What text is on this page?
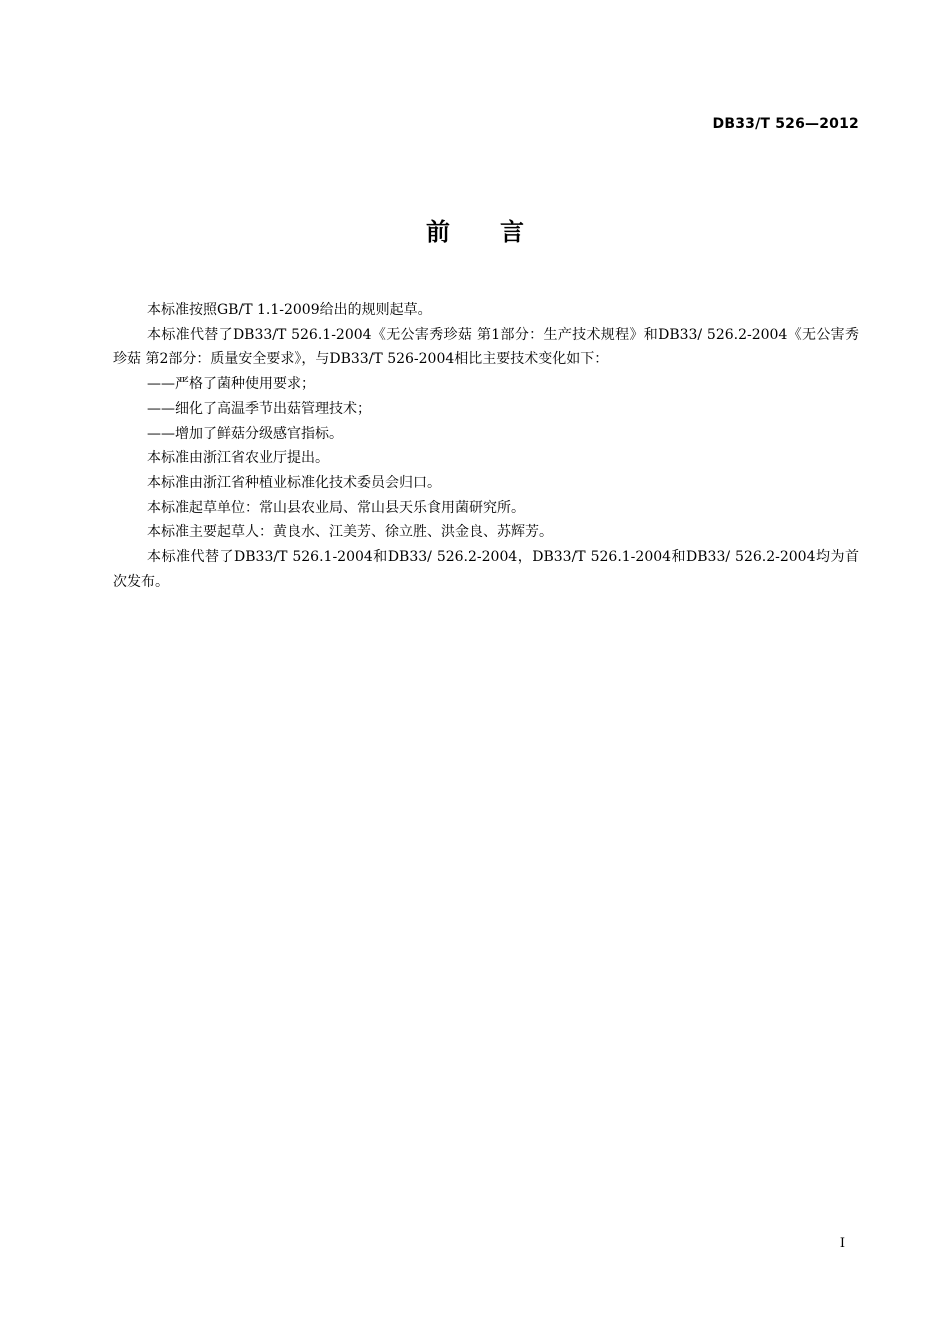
DB33/T 526—2012
前言

本标准按照GB/T 1.1-2009给出的规则起草。

本标准代替了DB33/T 526.1-2004《无公害秀珍菇 第1部分：生产技术规程》和DB33/ 526.2-2004《无公害秀珍菇 第2部分：质量安全要求》，与DB33/T 526-2004相比主要技术变化如下：

——严格了菌种使用要求；

——细化了高温季节出菇管理技术；

——增加了鲜菇分级感官指标。

本标准由浙江省农业厅提出。

本标准由浙江省种植业标准化技术委员会归口。

本标准起草单位：常山县农业局、常山县天乐食用菌研究所。

本标准主要起草人：黄良水、江美芳、徐立胜、洪金良、苏辉芳。

本标准代替了DB33/T 526.1-2004和DB33/ 526.2-2004，DB33/T 526.1-2004和DB33/ 526.2-2004均为首次发布。

I
